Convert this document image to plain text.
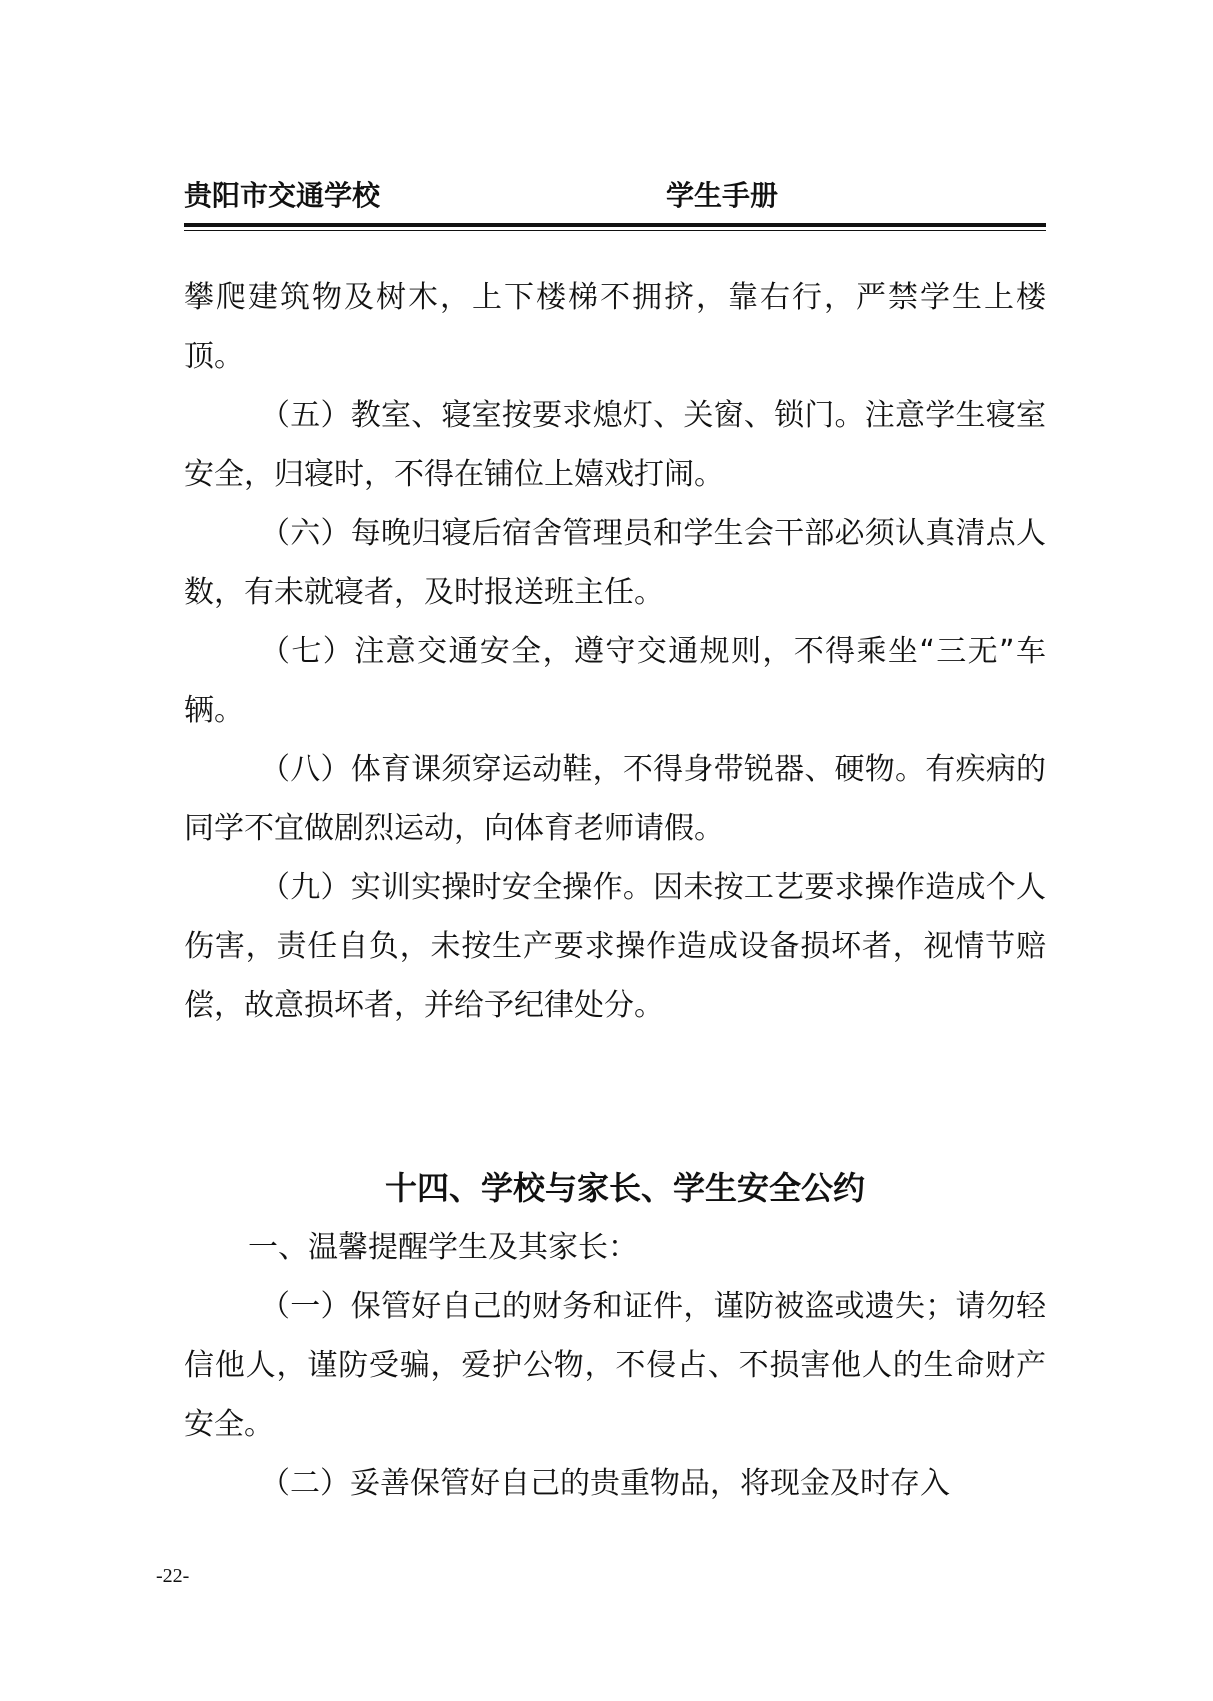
贵阳市交通学校	学生手册

攀爬建筑物及树木，上下楼梯不拥挤，靠右行，严禁学生上楼顶。

（五）教室、寝室按要求熄灯、关窗、锁门。注意学生寝室安全，归寝时，不得在铺位上嬉戏打闹。

（六）每晚归寝后宿舍管理员和学生会干部必须认真清点人数，有未就寝者，及时报送班主任。

（七）注意交通安全，遵守交通规则，不得乘坐“三无”车辆。

（八）体育课须穿运动鞋，不得身带锐器、硬物。有疾病的同学不宜做剧烈运动，向体育老师请假。

（九）实训实操时安全操作。因未按工艺要求操作造成个人伤害，责任自负，未按生产要求操作造成设备损坏者，视情节赔偿，故意损坏者，并给予纪律处分。

十四、学校与家长、学生安全公约

一、温馨提醒学生及其家长：

（一）保管好自己的财务和证件，谨防被盗或遗失；请勿轻信他人，谨防受骗，爱护公物，不侵占、不损害他人的生命财产安全。

（二）妥善保管好自己的贵重物品，将现金及时存入

-22-
